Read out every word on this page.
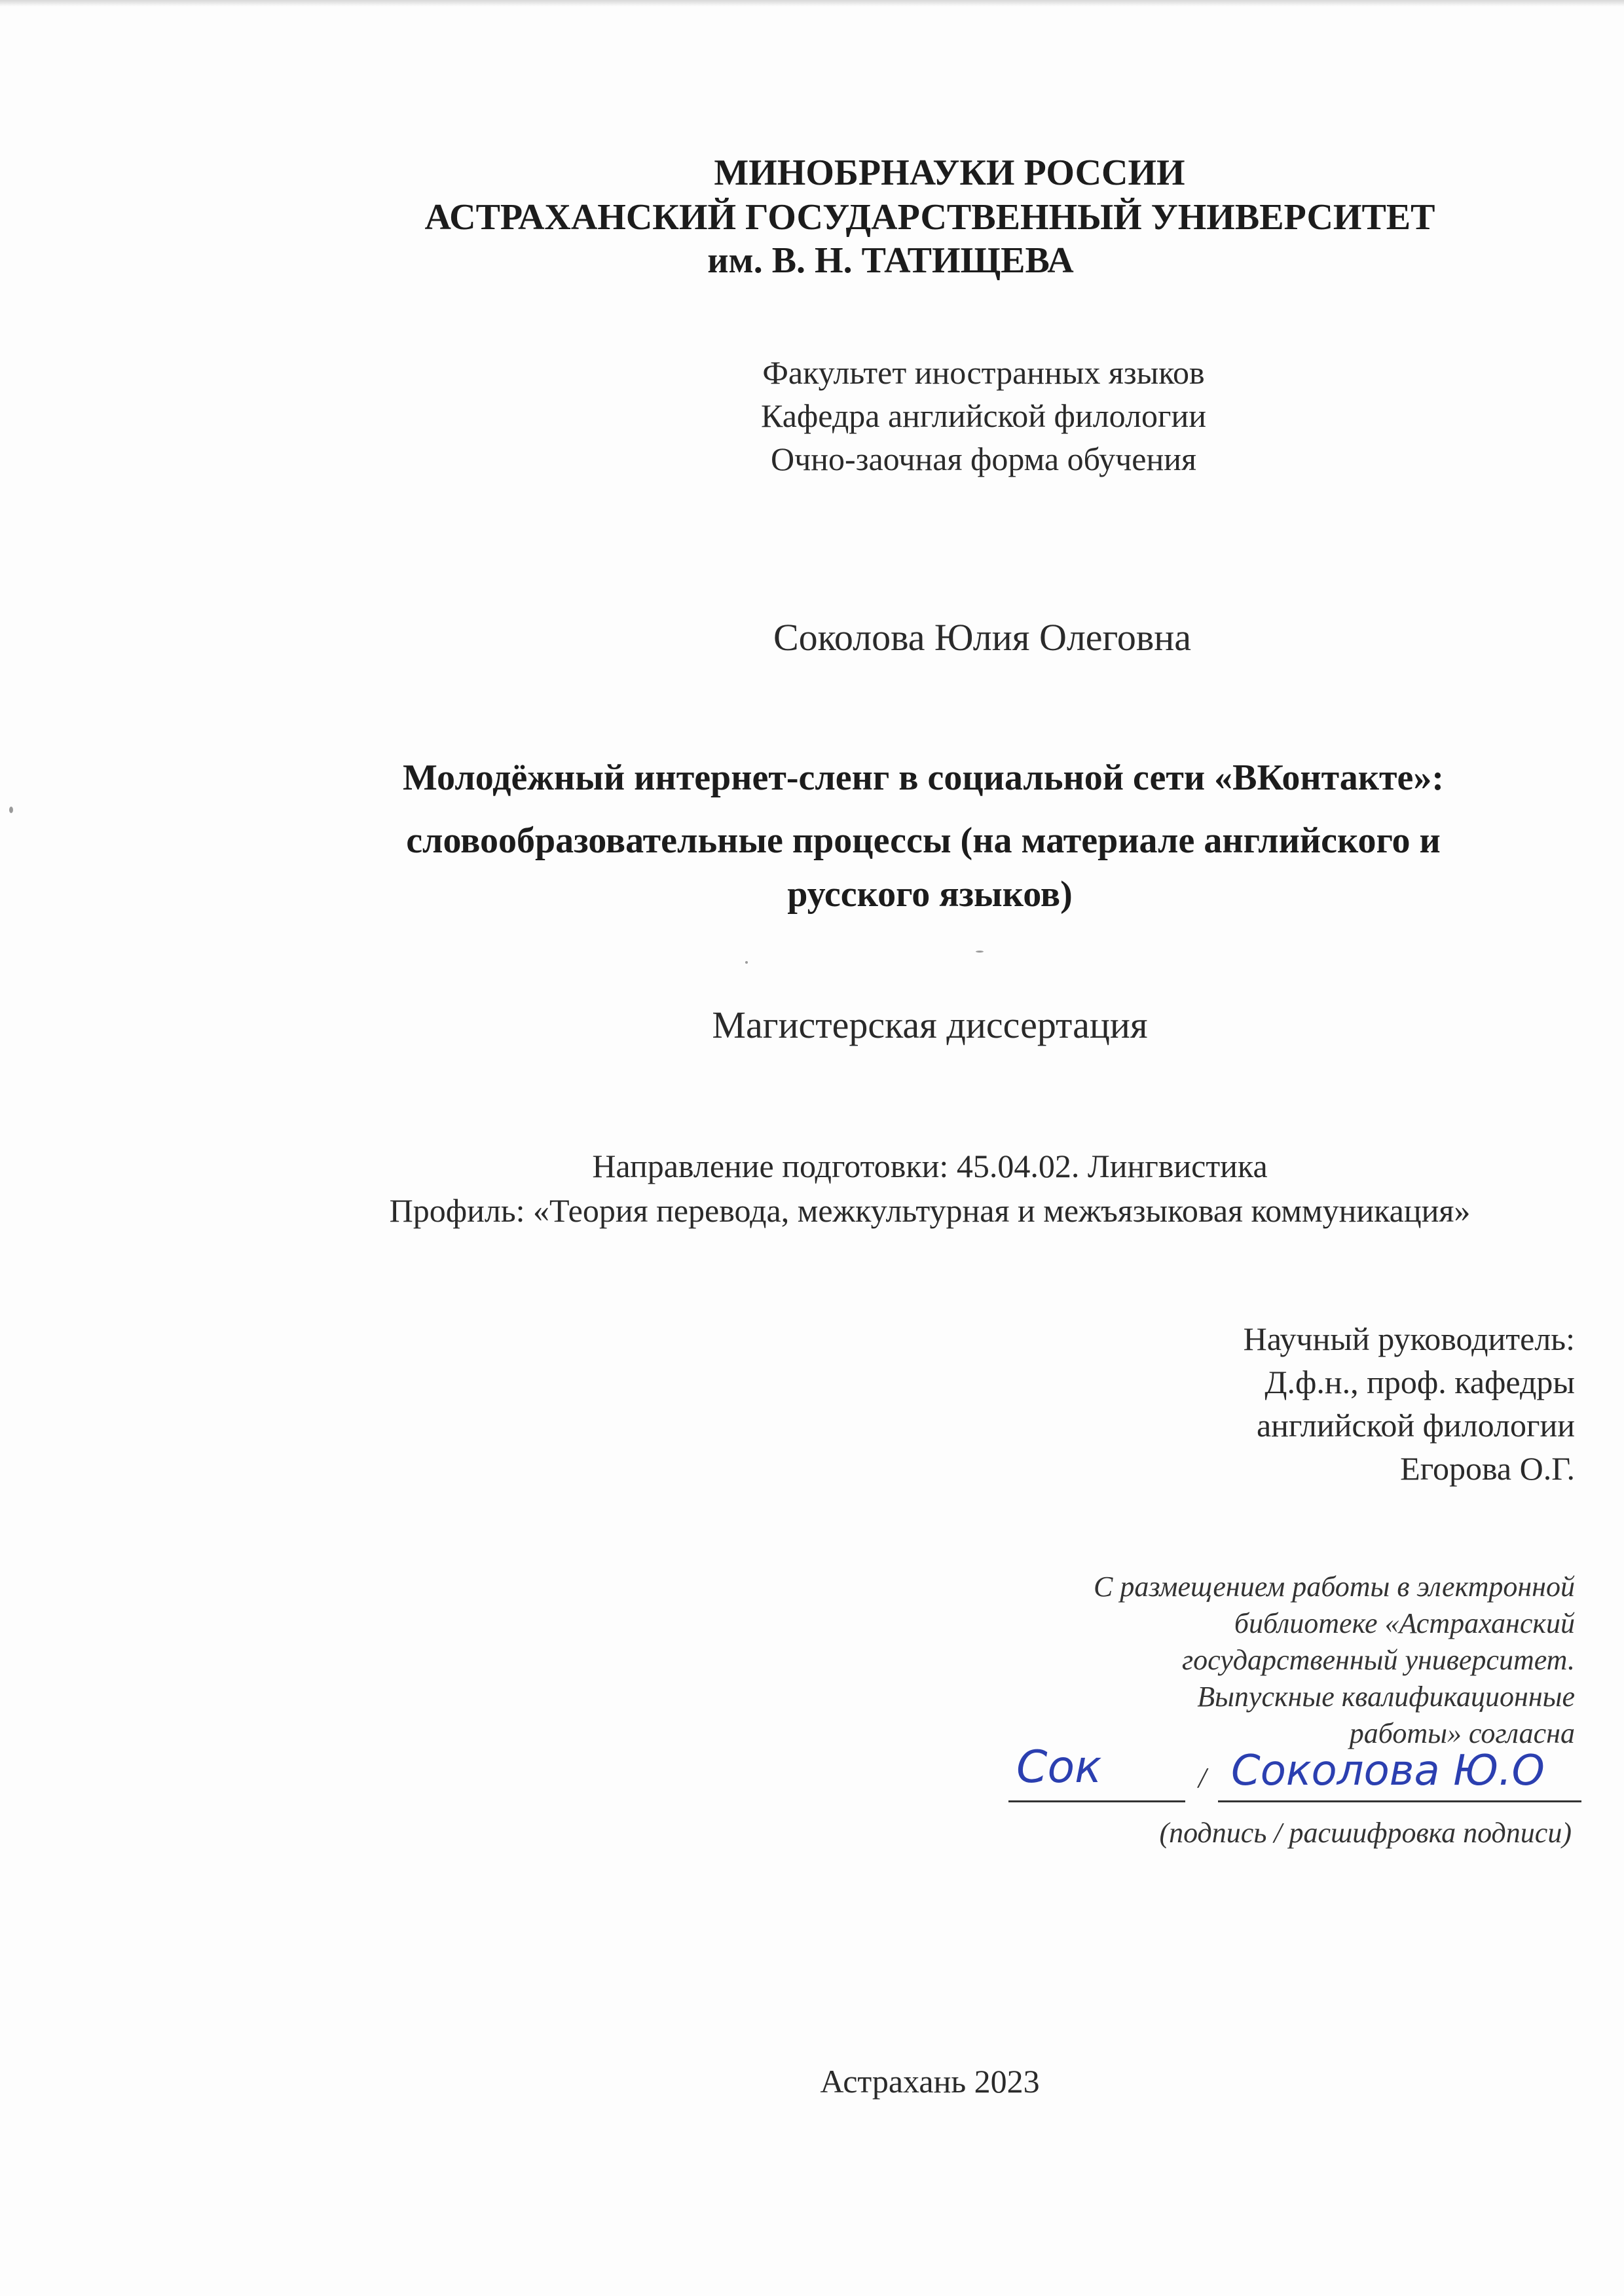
МИНОБРНАУКИ РОССИИ
АСТРАХАНСКИЙ ГОСУДАРСТВЕННЫЙ УНИВЕРСИТЕТ
им. В. Н. ТАТИЩЕВА
Факультет иностранных языков
Кафедра английской филологии
Очно-заочная форма обучения
Соколова Юлия Олеговна
Молодёжный интернет-сленг в социальной сети «ВКонтакте»:
словообразовательные процессы (на материале английского и
русского языков)
Магистерская диссертация
Направление подготовки: 45.04.02. Лингвистика
Профиль: «Теория перевода, межкультурная и межъязыковая коммуникация»
Научный руководитель:
Д.ф.н., проф. кафедры
английской филологии
Егорова О.Г.
С размещением работы в электронной
библиотеке «Астраханский
государственный университет.
Выпускные квалификационные
работы» согласна
Сок	/ Соколова Ю.О
(подпись / расшифровка подписи)
Астрахань 2023
